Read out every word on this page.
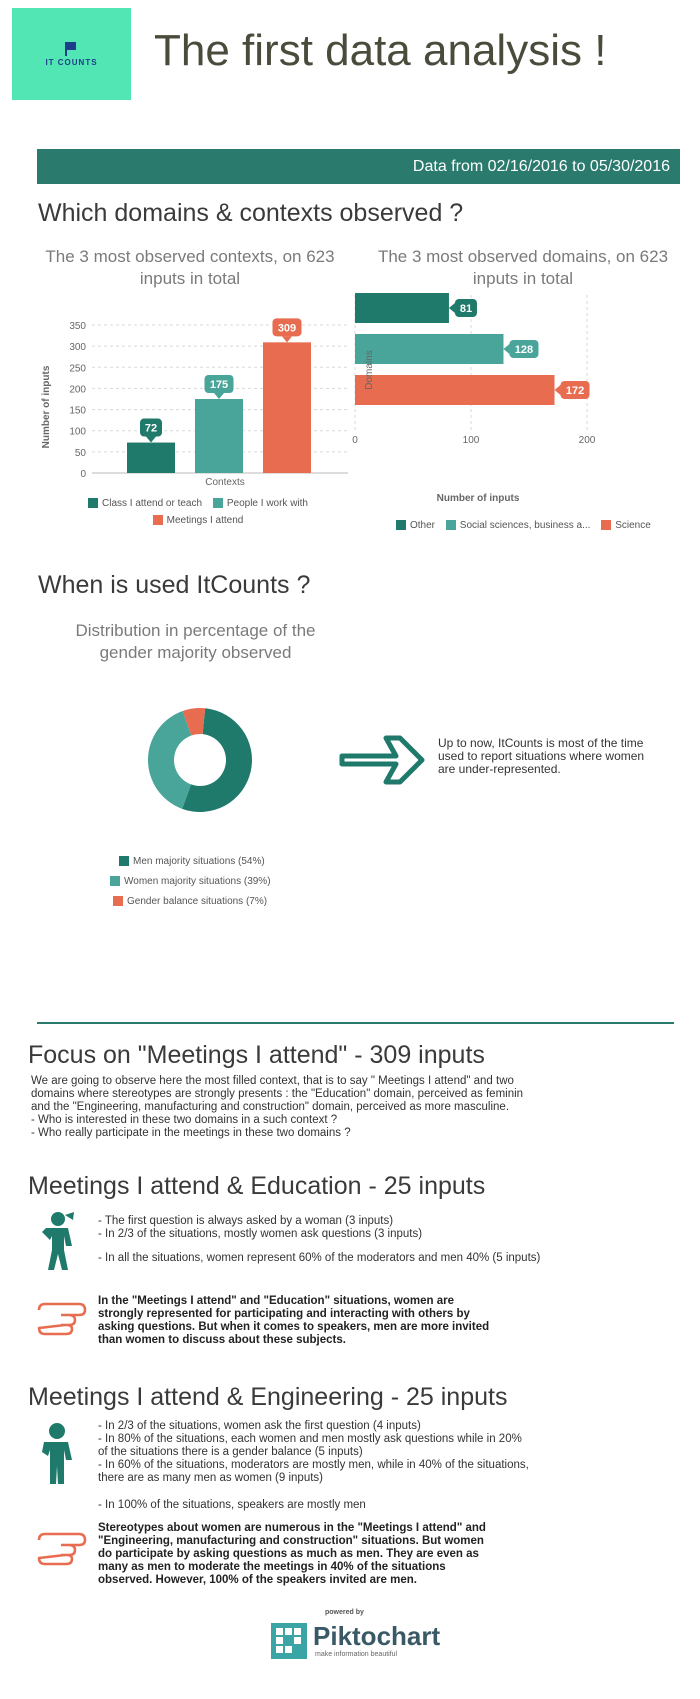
IT COUNTS	The first data analysis !
Data from 02/16/2016 to 05/30/2016
Which domains & contexts observed ?
The 3 most observed contexts, on 623 inputs in total
The 3 most observed domains, on 623 inputs in total
0
50
100
150
200
250
300
350
72
175
309
Contexts
Number of inputs
Class I attend or teach People I work with
Meetings I attend
0	100	200
81
128
172
Number of inputs
Domains
Other Social sciences, business a... Science
When is used ItCounts ?
Distribution in percentage of the gender majority observed
Up to now, ItCounts is most of the time used to report situations where women are under-represented.
Men majority situations (54%)
Women majority situations (39%)
Gender balance situations (7%)
Focus on "Meetings I attend" - 309 inputs
We are going to observe here the most filled context, that is to say " Meetings I attend" and two
domains where stereotypes are strongly presents : the "Education" domain, perceived as feminin
and the "Engineering, manufacturing and construction" domain, perceived as more masculine.
- Who is interested in these two domains in a such context ?
- Who really participate in the meetings in these two domains ?
Meetings I attend & Education - 25 inputs
- The first question is always asked by a woman (3 inputs)
- In 2/3 of the situations, mostly women ask questions (3 inputs)
- In all the situations, women represent 60% of the moderators and men 40% (5 inputs)
In the "Meetings I attend" and "Education" situations, women are
strongly represented for participating and interacting with others by
asking questions. But when it comes to speakers, men are more invited
than women to discuss about these subjects.
Meetings I attend & Engineering - 25 inputs
- In 2/3 of the situations, women ask the first question (4 inputs)
- In 80% of the situations, each women and men mostly ask questions while in 20%
of the situations there is a gender balance (5 inputs)
- In 60% of the situations, moderators are mostly men, while in 40% of the situations,
there are as many men as women (9 inputs)
- In 100% of the situations, speakers are mostly men
Stereotypes about women are numerous in the "Meetings I attend" and
"Engineering, manufacturing and construction" situations. But women
do participate by asking questions as much as men. They are even as
many as men to moderate the meetings in 40% of the situations
observed. However, 100% of the speakers invited are men.
powered by
Piktochart
make information beautiful
